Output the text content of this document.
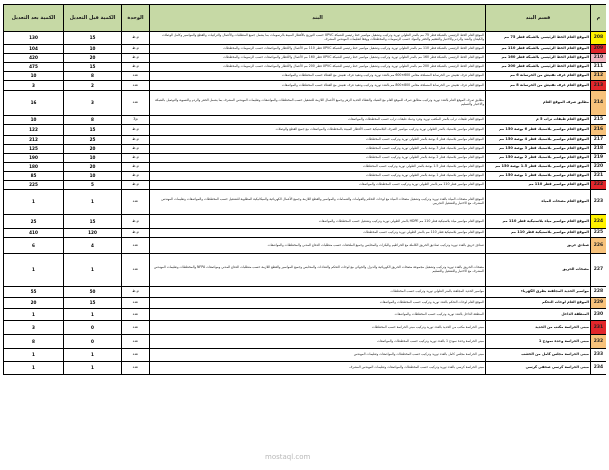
م	قسم البند	البند	الوحدة	الكمية قبل التعديل	الكمية بعد التعديل
208	الموقع العام الخط الرئيسي بالشبكة قطر 75 مم	الموقع العام الخط الرئيسي بالشبكة قطر 75 مم بالمتر الطولي توريد وتركيب وتشغيل مواسير خط رئيسي للشبكة UPVC حسب التوزيع بالأقطار المبينة بالرسومات بما يشمل جميع المتطلبات والأعمال والتركيبات والقطع والمواسير وكامل الوصلات والكيعان والشد والردم والاختبار والتعقيم والحفر والمواد حسب الرسومات والمخططات ووفقا لتعليمات المهندس المشرف	م.ط	15	130
209	الموقع العام الخط الرئيسي بالشبكة قطر 110 مم	الموقع العام الخط الرئيسي بالشبكة قطر 110 مم بالمتر الطولي توريد وتركيب وتشغيل مواسير خط رئيسي للشبكة UPVC قطر 110 مم الأعمال والأقطار والمواصفات حسب الرسومات والمخططات	م.ط	10	104
210	الموقع العام الخط الرئيسي بالشبكة قطر 160 مم	الموقع العام الخط الرئيسي بالشبكة قطر 160 مم بالمتر الطولي توريد وتركيب وتشغيل مواسير خط رئيسي للشبكة UPVC قطر 160 مم الأعمال والأقطار والمواصفات حسب الرسومات والمخططات	م.ط	20	420
211	الموقع العام الخط الرئيسي بالشبكة قطر 200 مم	الموقع العام الخط الرئيسي بالشبكة قطر 200 مم بالمتر الطولي توريد وتركيب وتشغيل مواسير خط رئيسي للشبكة UPVC قطر 200 مم الأعمال والأقطار والمواصفات حسب الرسومات والمخططات	م.ط	15	475
212	الموقع العام غرف تفتيش من الخرسانة 6 مم	الموقع العام غرف تفتيش من الخرسانة المسلحة مقاس 600×600 مم بالعدد توريد وتركيب وتنفيذ غرف تفتيش مع الغطاء حسب المخططات والمواصفات	عدد	8	10
213	الموقع العام غرف تفتيش من الخرسانة 8 مم	الموقع العام غرف تفتيش من الخرسانة المسلحة مقاس 800×800 مم بالعدد توريد وتركيب وتنفيذ غرف تفتيش مع الغطاء حسب المخططات والمواصفات	عدد	2	3
214	مطابق صرف الموقع العام	مطابق صرف الموقع العام بالعدد توريد وتركيب مطابق صرف للموقع العام مع الشبك والغطاء الحديد الزهر وجميع الأعمال اللازمة للتشغيل حسب المخططات والمواصفات وتعليمات المهندس المشرف بما يشمل الحفر والردم والتسوية والتوصيل بالشبكة والاختبار والتسليم	عدد	3	16
215	الموقع العام طبقات تراب 5 م	الموقع العام طبقات تراب بالمتر المكعب توريد وفرد ودمك طبقات تراب حسب المخططات والمواصفات	م3	8	10
216	الموقع العام مواسير بلاستيك قطر 6 بوصة 150 مم	الموقع العام مواسير بلاستيك بالمتر الطولي توريد وتركيب مواسير الصرف البلاستيكية حسب الأقطار المبينة بالمخططات والمواصفات مع جميع القطع والوصلات	م.ط	15	122
217	الموقع العام مواسير بلاستيك قطر 4 بوصة 150 مم	الموقع العام مواسير بلاستيك قطر 4 بوصة بالمتر الطولي توريد وتركيب حسب المخططات	م.ط	25	212
218	الموقع العام مواسير بلاستيك قطر 3 بوصة 150 مم	الموقع العام مواسير بلاستيك قطر 3 بوصة بالمتر الطولي توريد وتركيب حسب المخططات	م.ط	20	125
219	الموقع العام مواسير بلاستيك قطر 2 بوصة 150 مم	الموقع العام مواسير بلاستيك قطر 2 بوصة بالمتر الطولي توريد وتركيب حسب المخططات	م.ط	10	190
220	الموقع العام مواسير بلاستيك قطر 1.5 بوصة 150 مم	الموقع العام مواسير بلاستيك قطر 1.5 بوصة بالمتر الطولي توريد وتركيب حسب المخططات	م.ط	20	180
221	الموقع العام مواسير بلاستيك قطر 1 بوصة 150 مم	الموقع العام مواسير بلاستيك قطر 1 بوصة بالمتر الطولي توريد وتركيب حسب المخططات	م.ط	10	85
222	الموقع العام مواسير قطر 110 مم	الموقع العام مواسير قطر 110 مم بالمتر الطولي توريد وتركيب حسب المخططات والمواصفات	م.ط	5	225
223	الموقع العام مضخات المياه	الموقع العام مضخات المياه بالعدد توريد وتركيب وتشغيل مضخات المياه مع لوحات التحكم والعوامات والصمامات والمواسير والقطع اللازمة وجميع الأعمال الكهربائية والميكانيكية المطلوبة للتشغيل حسب المخططات والمواصفات وتعليمات المهندس المشرف مع الاختبار والتشغيل التجريبي	عدد	1	1
224	الموقع العام مواسير مياه بلاستيكية قطر 110 مم	الموقع العام مواسير مياه بلاستيكية قطر 110 مم HDPE بالمتر الطولي توريد وتركيب وتشغيل حسب المخططات والمواصفات	م.ط	15	25
225	الموقع العام مواسير بلاستيكية قطر 110 مم	الموقع العام مواسير بلاستيكية قطر 110 مم بالمتر الطولي توريد وتركيب حسب المخططات	م.ط	120	410
226	صنادق حريق	صنادق حريق بالعدد توريد وتركيب صناديق الحريق الكاملة مع الخراطيم والبكرات والمحابس وجميع الملحقات حسب متطلبات الدفاع المدني والمخططات والمواصفات	عدد	4	6
227	مضخات الحريق	مضخات الحريق بالعدد توريد وتركيب وتشغيل مجموعة مضخات الحريق الكهربائية والديزل والجوكي مع لوحات التحكم والعدادات والمحابس وجميع المواسير والقطع اللازمة حسب متطلبات الدفاع المدني ومواصفات NFPA والمخططات وتعليمات المهندس المشرف مع الاختبار والتشغيل والتسليم	عدد	1	1
228	مواسير الحديد المجلفنة بطرق الكهرباء	مواسير الحديد المجلفنة بالمتر الطولي توريد وتركيب حسب المخططات	م.ط	50	55
229	الموقع العام لوحات التحكم	الموقع العام لوحات التحكم بالعدد توريد وتركيب حسب المخططات والمواصفات	عدد	15	20
230	المنطقة الداخل	المنطقة الداخل بالعدد توريد وتركيب حسب المخططات والمواصفات	عدد	1	1
231	مبنى الحراسة مكتب من الحديد	مبنى الحراسة مكتب من الحديد بالعدد توريد وتركيب مبنى الحراسة حسب المخططات	عدد	0	3
232	مبنى الحراسة وحدة نموذج 1	مبنى الحراسة وحدة نموذج 1 بالعدد توريد وتركيب حسب المخططات والمواصفات	عدد	0	8
233	مبنى الحراسة مجلس كامل من الخشب	مبنى الحراسة مجلس كامل بالعدد توريد وتركيب حسب المخططات والمواصفات وتعليمات المهندس	عدد	1	1
234	مبنى الحراسة كرسي صحفي كرسي	مبنى الحراسة كرسي بالعدد توريد وتركيب حسب المخططات والمواصفات وتعليمات المهندس المشرف	عدد	1	1
mostaql.com
